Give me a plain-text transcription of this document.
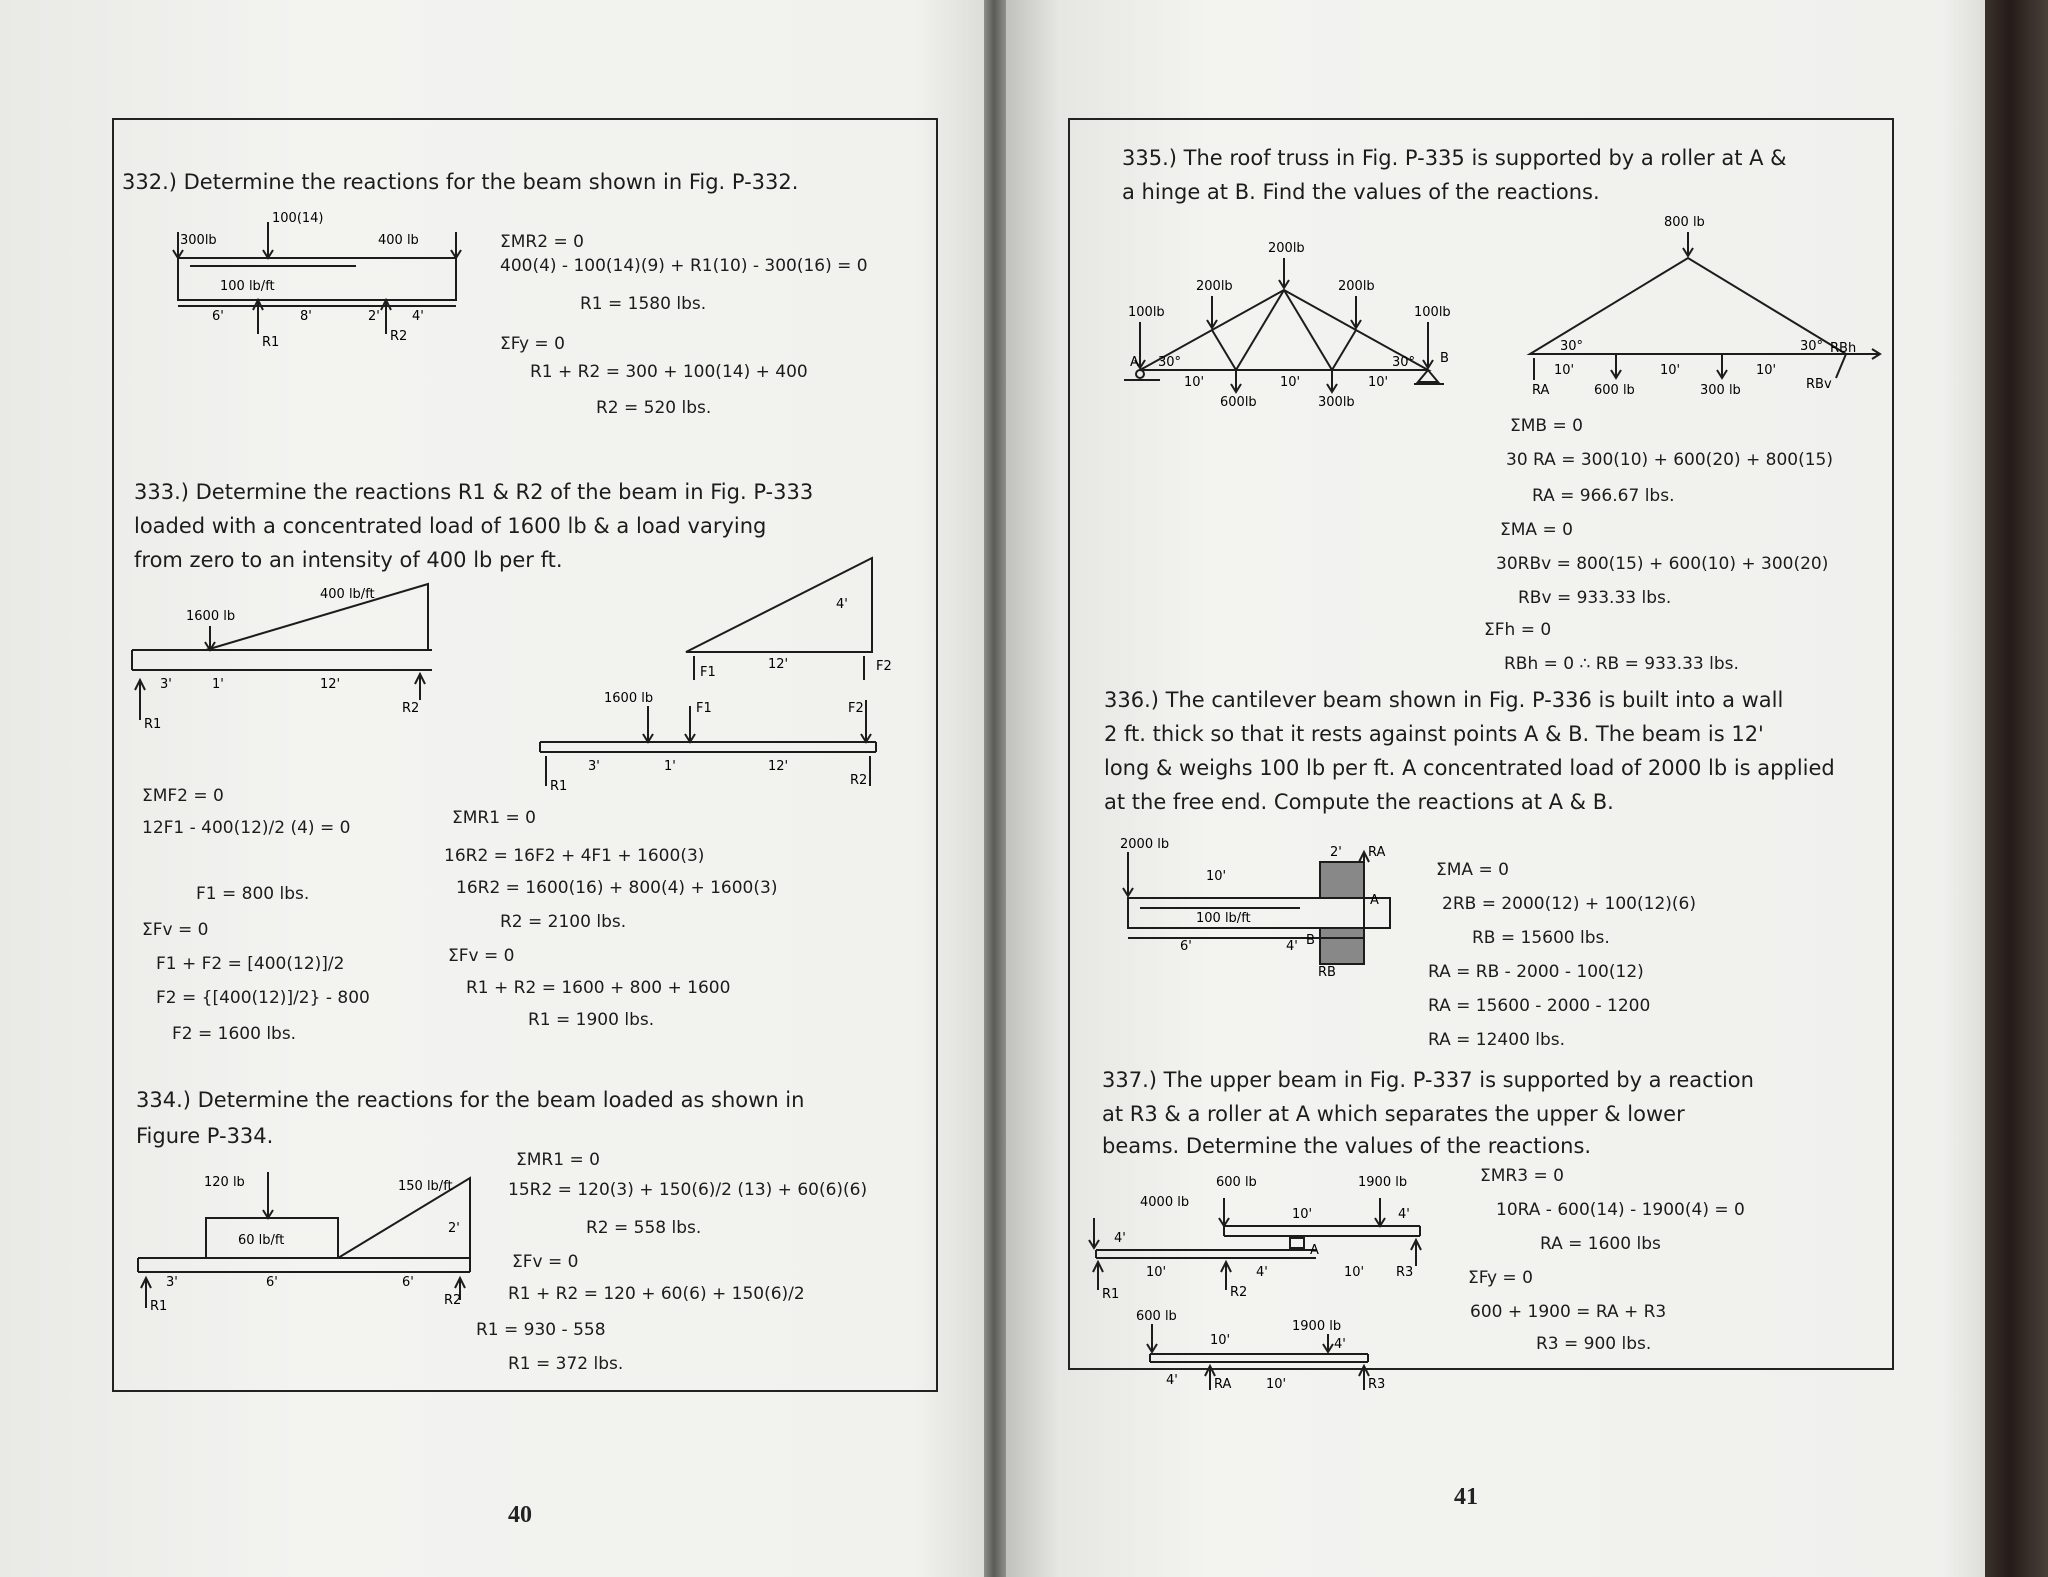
332.) Determine the reactions for the beam shown in Fig. P-332.
300lb
100(14)
400 lb
100 lb/ft
6'	8'	2' 4'
R1	R2
ΣMR2 = 0
400(4) - 100(14)(9) + R1(10) - 300(16) = 0
R1 = 1580 lbs.
ΣFy = 0
R1 + R2 = 300 + 100(14) + 400
R2 = 520 lbs.
333.) Determine the reactions R1 & R2 of the beam in Fig. P-333
loaded with a concentrated load of 1600 lb & a load varying
from zero to an intensity of 400 lb per ft.
400 lb/ft
1600 lb
3'	1'	12'
R1
R2
4'
F1
12'	F2
1600 lb
F1	F2
3'	1'	12'
R1	R2
ΣMF2 = 0
12F1 - 400(12)/2 (4) = 0
F1 = 800 lbs.
ΣFv = 0
F1 + F2 = [400(12)]/2
F2 = {[400(12)]/2} - 800
F2 = 1600 lbs.
ΣMR1 = 0
16R2 = 16F2 + 4F1 + 1600(3)
16R2 = 1600(16) + 800(4) + 1600(3)
R2 = 2100 lbs.
ΣFv = 0
R1 + R2 = 1600 + 800 + 1600
R1 = 1900 lbs.
334.) Determine the reactions for the beam loaded as shown in
Figure P-334.
120 lb
60 lb/ft
150 lb/ft
2'
3'	6'	6'
R1	R2
ΣMR1 = 0
15R2 = 120(3) + 150(6)/2 (13) + 60(6)(6)
R2 = 558 lbs.
ΣFv = 0
R1 + R2 = 120 + 60(6) + 150(6)/2
R1 = 930 - 558
R1 = 372 lbs.
40
335.) The roof truss in Fig. P-335 is supported by a roller at A &
a hinge at B. Find the values of the reactions.
200lb
200lb	200lb
100lb	100lb
30°	30°
A	B
10'	10'	10'
600lb	300lb
800 lb
30°	30° RBh
10'	10'	10'
RA	600 lb	300 lb	RBv
ΣMB = 0
30 RA = 300(10) + 600(20) + 800(15)
RA = 966.67 lbs.
ΣMA = 0
30RBv = 800(15) + 600(10) + 300(20)
RBv = 933.33 lbs.
ΣFh = 0
RBh = 0 ∴ RB = 933.33 lbs.
336.) The cantilever beam shown in Fig. P-336 is built into a wall
2 ft. thick so that it rests against points A & B. The beam is 12'
long & weighs 100 lb per ft. A concentrated load of 2000 lb is applied
at the free end. Compute the reactions at A & B.
2000 lb
10'
2' RA
A
100 lb/ft
6'	4' B
RB
ΣMA = 0
2RB = 2000(12) + 100(12)(6)
RB = 15600 lbs.
RA = RB - 2000 - 100(12)
RA = 15600 - 2000 - 1200
RA = 12400 lbs.
337.) The upper beam in Fig. P-337 is supported by a reaction
at R3 & a roller at A which separates the upper & lower
beams. Determine the values of the reactions.
4000 lb
600 lb	1900 lb
4'
10'	4'
A
10'	4'	10' R3
R1	R2
600 lb
1900 lb
10'	4'
4'	RA	10'	R3
ΣMR3 = 0
10RA - 600(14) - 1900(4) = 0
RA = 1600 lbs
ΣFy = 0
600 + 1900 = RA + R3
R3 = 900 lbs.
41
